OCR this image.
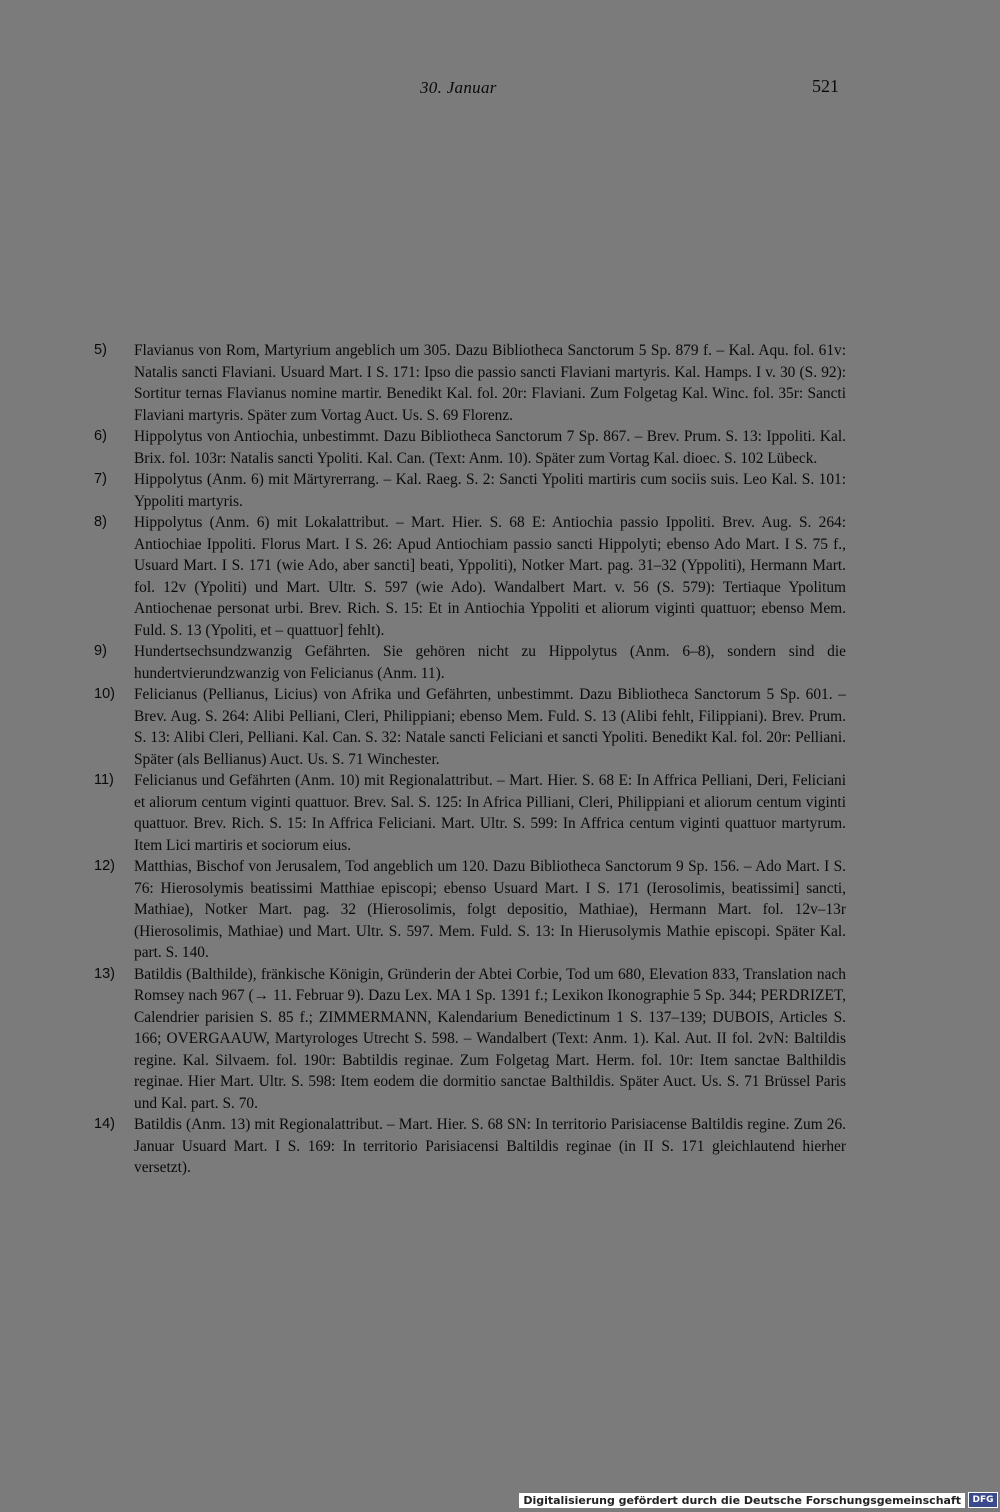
30. Januar	521
5)	Flavianus von Rom, Martyrium angeblich um 305. Dazu Bibliotheca Sanctorum 5 Sp. 879 f. – Kal. Aqu. fol. 61v: Natalis sancti Flaviani. Usuard Mart. I S. 171: Ipso die passio sancti Flaviani martyris. Kal. Hamps. I v. 30 (S. 92): Sortitur ternas Flavianus nomine martir. Benedikt Kal. fol. 20r: Flaviani. Zum Folgetag Kal. Winc. fol. 35r: Sancti Flaviani martyris. Später zum Vortag Auct. Us. S. 69 Florenz.
6)	Hippolytus von Antiochia, unbestimmt. Dazu Bibliotheca Sanctorum 7 Sp. 867. – Brev. Prum. S. 13: Ippoliti. Kal. Brix. fol. 103r: Natalis sancti Ypoliti. Kal. Can. (Text: Anm. 10). Später zum Vortag Kal. dioec. S. 102 Lübeck.
7)	Hippolytus (Anm. 6) mit Märtyrerrang. – Kal. Raeg. S. 2: Sancti Ypoliti martiris cum sociis suis. Leo Kal. S. 101: Yppoliti martyris.
8)	Hippolytus (Anm. 6) mit Lokalattribut. – Mart. Hier. S. 68 E: Antiochia passio Ippoliti. Brev. Aug. S. 264: Antiochiae Ippoliti. Florus Mart. I S. 26: Apud Antiochiam passio sancti Hippolyti; ebenso Ado Mart. I S. 75 f., Usuard Mart. I S. 171 (wie Ado, aber sancti] beati, Yppoliti), Notker Mart. pag. 31–32 (Yppoliti), Hermann Mart. fol. 12v (Ypoliti) und Mart. Ultr. S. 597 (wie Ado). Wandalbert Mart. v. 56 (S. 579): Tertiaque Ypolitum Antiochenae personat urbi. Brev. Rich. S. 15: Et in Antiochia Yppoliti et aliorum viginti quattuor; ebenso Mem. Fuld. S. 13 (Ypoliti, et – quattuor] fehlt).
9)	Hundertsechsundzwanzig Gefährten. Sie gehören nicht zu Hippolytus (Anm. 6–8), sondern sind die hundertvierundzwanzig von Felicianus (Anm. 11).
10)	Felicianus (Pellianus, Licius) von Afrika und Gefährten, unbestimmt. Dazu Bibliotheca Sanctorum 5 Sp. 601. – Brev. Aug. S. 264: Alibi Pelliani, Cleri, Philippiani; ebenso Mem. Fuld. S. 13 (Alibi fehlt, Filippiani). Brev. Prum. S. 13: Alibi Cleri, Pelliani. Kal. Can. S. 32: Natale sancti Feliciani et sancti Ypoliti. Benedikt Kal. fol. 20r: Pelliani. Später (als Bellianus) Auct. Us. S. 71 Winchester.
11)	Felicianus und Gefährten (Anm. 10) mit Regionalattribut. – Mart. Hier. S. 68 E: In Affrica Pelliani, Deri, Feliciani et aliorum centum viginti quattuor. Brev. Sal. S. 125: In Africa Pilliani, Cleri, Philippiani et aliorum centum viginti quattuor. Brev. Rich. S. 15: In Affrica Feliciani. Mart. Ultr. S. 599: In Affrica centum viginti quattuor martyrum. Item Lici martiris et sociorum eius.
12)	Matthias, Bischof von Jerusalem, Tod angeblich um 120. Dazu Bibliotheca Sanctorum 9 Sp. 156. – Ado Mart. I S. 76: Hierosolymis beatissimi Matthiae episcopi; ebenso Usuard Mart. I S. 171 (Ierosolimis, beatissimi] sancti, Mathiae), Notker Mart. pag. 32 (Hierosolimis, folgt depositio, Mathiae), Hermann Mart. fol. 12v–13r (Hierosolimis, Mathiae) und Mart. Ultr. S. 597. Mem. Fuld. S. 13: In Hierusolymis Mathie episcopi. Später Kal. part. S. 140.
13)	Batildis (Balthilde), fränkische Königin, Gründerin der Abtei Corbie, Tod um 680, Elevation 833, Translation nach Romsey nach 967 (→ 11. Februar 9). Dazu Lex. MA 1 Sp. 1391 f.; Lexikon Ikonographie 5 Sp. 344; PERDRIZET, Calendrier parisien S. 85 f.; ZIMMERMANN, Kalendarium Benedictinum 1 S. 137–139; DUBOIS, Articles S. 166; OVERGAAUW, Martyrologes Utrecht S. 598. – Wandalbert (Text: Anm. 1). Kal. Aut. II fol. 2vN: Baltildis regine. Kal. Silvaem. fol. 190r: Babtildis reginae. Zum Folgetag Mart. Herm. fol. 10r: Item sanctae Balthildis reginae. Hier Mart. Ultr. S. 598: Item eodem die dormitio sanctae Balthildis. Später Auct. Us. S. 71 Brüssel Paris und Kal. part. S. 70.
14)	Batildis (Anm. 13) mit Regionalattribut. – Mart. Hier. S. 68 SN: In territorio Parisiacense Baltildis regine. Zum 26. Januar Usuard Mart. I S. 169: In territorio Parisiacensi Baltildis reginae (in II S. 171 gleichlautend hierher versetzt).
Digitalisierung gefördert durch die Deutsche Forschungsgemeinschaft	DFG
